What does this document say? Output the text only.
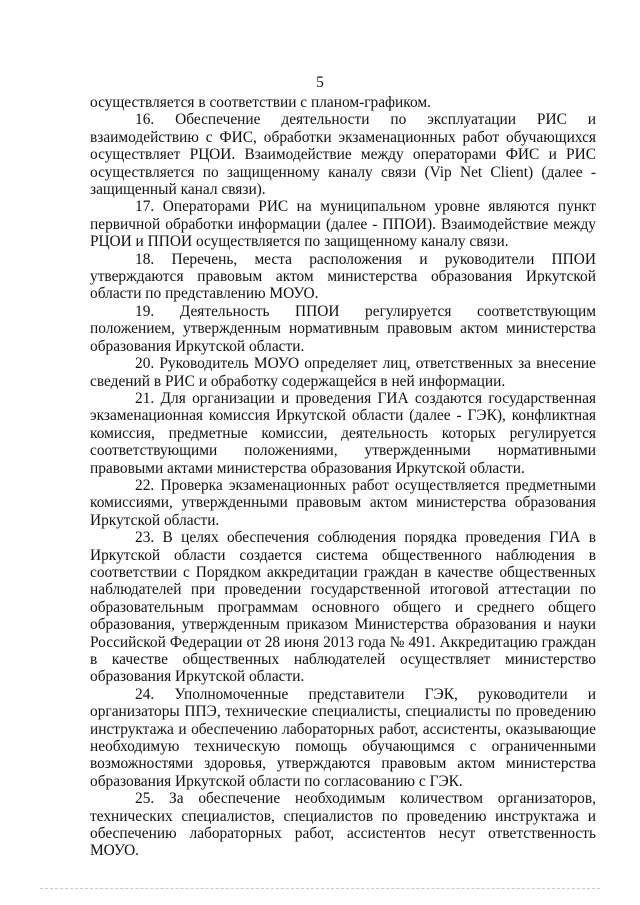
5

осуществляется в соответствии с планом-графиком.

16. Обеспечение деятельности по эксплуатации РИС и взаимодействию с ФИС, обработки экзаменационных работ обучающихся осуществляет РЦОИ. Взаимодействие между операторами ФИС и РИС осуществляется по защищенному каналу связи (Vip Net Client) (далее - защищенный канал связи).

17. Операторами РИС на муниципальном уровне являются пункт первичной обработки информации (далее - ППОИ). Взаимодействие между РЦОИ и ППОИ осуществляется по защищенному каналу связи.

18. Перечень, места расположения и руководители ППОИ утверждаются правовым актом министерства образования Иркутской области по представлению МОУО.

19. Деятельность ППОИ регулируется соответствующим положением, утвержденным нормативным правовым актом министерства образования Иркутской области.

20. Руководитель МОУО определяет лиц, ответственных за внесение сведений в РИС и обработку содержащейся в ней информации.

21. Для организации и проведения ГИА создаются государственная экзаменационная комиссия Иркутской области (далее - ГЭК), конфликтная комиссия, предметные комиссии, деятельность которых регулируется соответствующими положениями, утвержденными нормативными правовыми актами министерства образования Иркутской области.

22. Проверка экзаменационных работ осуществляется предметными комиссиями, утвержденными правовым актом министерства образования Иркутской области.

23. В целях обеспечения соблюдения порядка проведения ГИА в Иркутской области создается система общественного наблюдения в соответствии с Порядком аккредитации граждан в качестве общественных наблюдателей при проведении государственной итоговой аттестации по образовательным программам основного общего и среднего общего образования, утвержденным приказом Министерства образования и науки Российской Федерации от 28 июня 2013 года № 491. Аккредитацию граждан в качестве общественных наблюдателей осуществляет министерство образования Иркутской области.

24. Уполномоченные представители ГЭК, руководители и организаторы ППЭ, технические специалисты, специалисты по проведению инструктажа и обеспечению лабораторных работ, ассистенты, оказывающие необходимую техническую помощь обучающимся с ограниченными возможностями здоровья, утверждаются правовым актом министерства образования Иркутской области по согласованию с ГЭК.

25. За обеспечение необходимым количеством организаторов, технических специалистов, специалистов по проведению инструктажа и обеспечению лабораторных работ, ассистентов несут ответственность МОУО.
